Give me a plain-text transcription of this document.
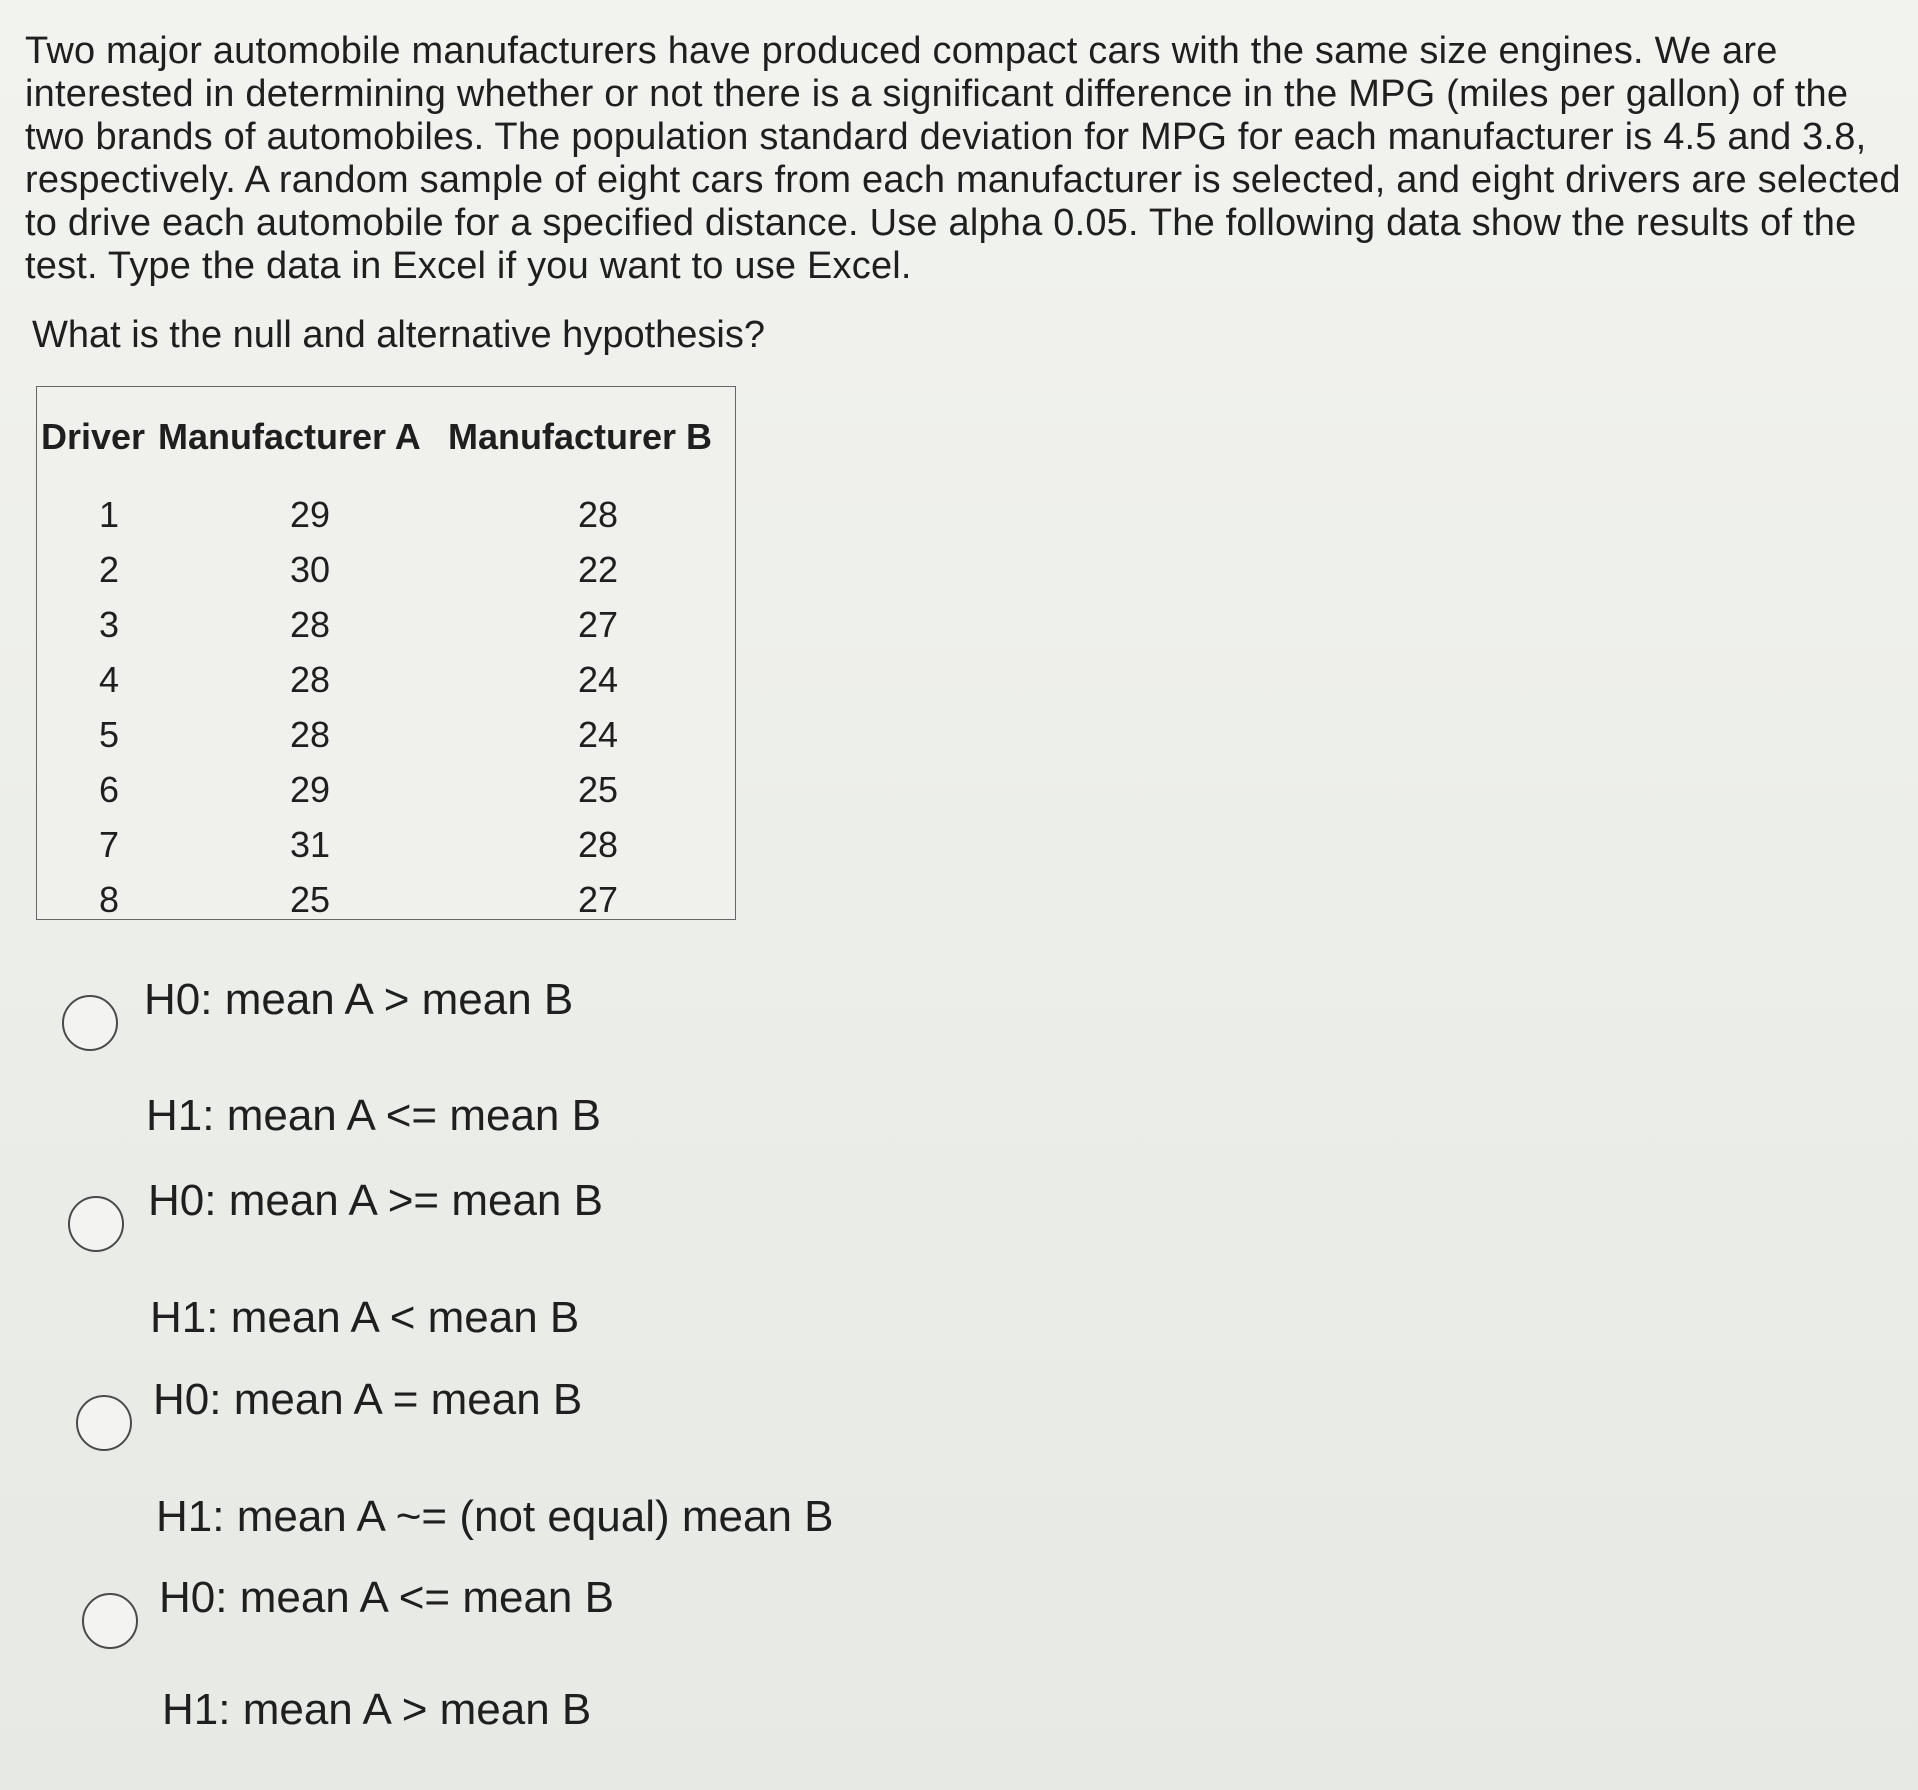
Two major automobile manufacturers have produced compact cars with the same size engines. We are interested in determining whether or not there is a significant difference in the MPG (miles per gallon) of the two brands of automobiles. The population standard deviation for MPG for each manufacturer is 4.5 and 3.8, respectively. A random sample of eight cars from each manufacturer is selected, and eight drivers are selected to drive each automobile for a specified distance. Use alpha 0.05. The following data show the results of the test. Type the data in Excel if you want to use Excel.

What is the null and alternative hypothesis?

Driver Manufacturer A Manufacturer B
1	29	28
2	30	22
3	28	27
4	28	24
5	28	24
6	29	25
7	31	28
8	25	27

H0: mean A > mean B

H1: mean A <= mean B

H0: mean A >= mean B

H1: mean A < mean B

H0: mean A = mean B

H1: mean A ~= (not equal) mean B

H0: mean A <= mean B

H1: mean A > mean B
